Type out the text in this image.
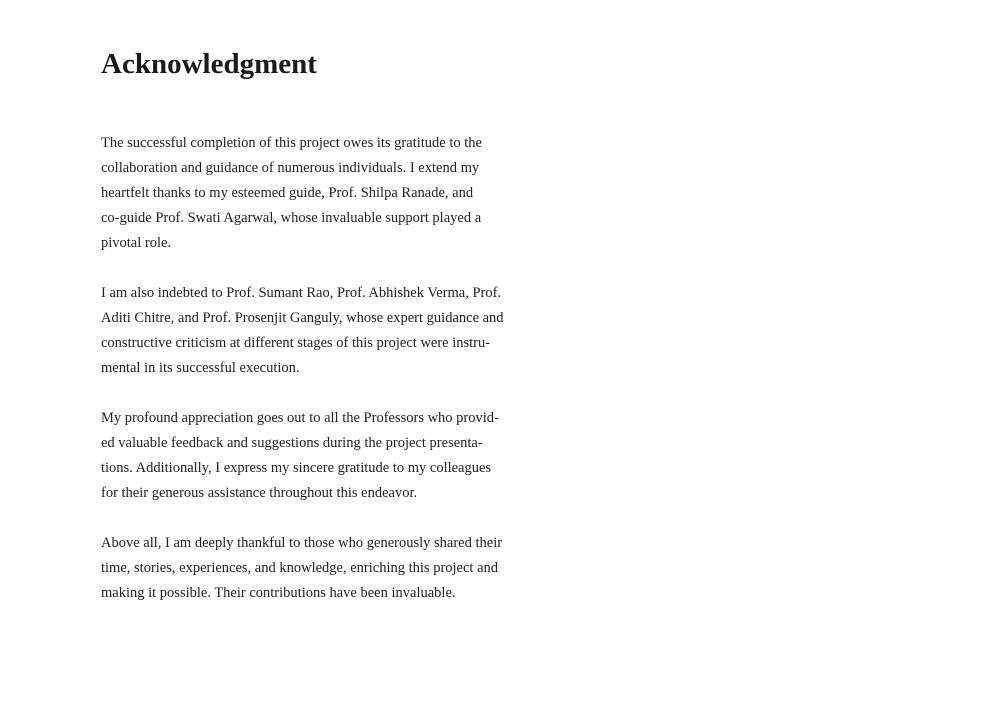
Acknowledgment

The successful completion of this project owes its gratitude to the
collaboration and guidance of numerous individuals. I extend my
heartfelt thanks to my esteemed guide, Prof. Shilpa Ranade, and
co-guide Prof. Swati Agarwal, whose invaluable support played a
pivotal role.

I am also indebted to Prof. Sumant Rao, Prof. Abhishek Verma, Prof.
Aditi Chitre, and Prof. Prosenjit Ganguly, whose expert guidance and
constructive criticism at different stages of this project were instru-
mental in its successful execution.

My profound appreciation goes out to all the Professors who provid-
ed valuable feedback and suggestions during the project presenta-
tions. Additionally, I express my sincere gratitude to my colleagues
for their generous assistance throughout this endeavor.

Above all, I am deeply thankful to those who generously shared their
time, stories, experiences, and knowledge, enriching this project and
making it possible. Their contributions have been invaluable.
